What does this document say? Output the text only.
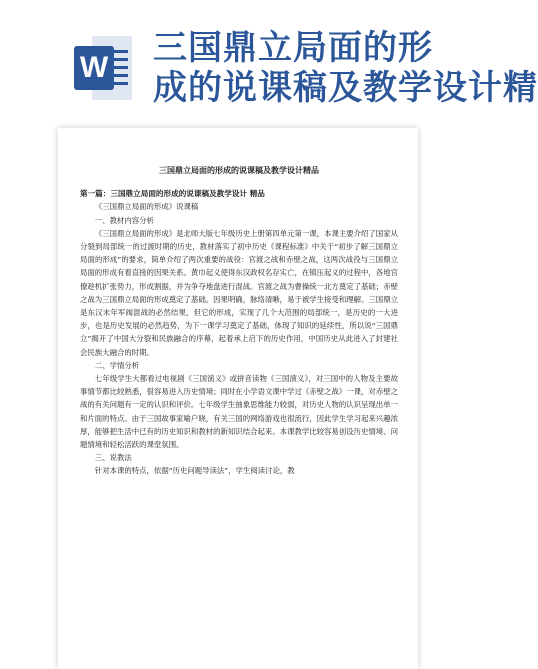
W 三国鼎立局面的形
成的说课稿及教学设计精

三国鼎立局面的形成的说课稿及教学设计精品

第一篇：三国鼎立局面的形成的说课稿及教学设计 精品

《三国鼎立局面的形成》说课稿

一、教材内容分析

《三国鼎立局面的形成》是北师大版七年级历史上册第四单元第一课，本课主要介绍了国家从分裂到局部统一的过渡时期的历史，教材落实了初中历史《课程标准》中关于“初步了解三国鼎立局面的形成”的要求，简单介绍了两次重要的战役：官渡之战和赤壁之战，这两次战役与三国鼎立局面的形成有着直接的因果关系。黄巾起义使得东汉政权名存实亡，在镇压起义的过程中，各地官僚趁机扩张势力，形成割据，并为争夺地盘进行混战。官渡之战为曹操统一北方奠定了基础；赤壁之战为三国鼎立局面的形成奠定了基础。因果明确，脉络清晰，易于被学生接受和理解。三国鼎立是东汉末年军阀混战的必然结果，但它的形成，实现了几个大范围的局部统一，是历史的一大进步，也是历史发展的必然趋势，为下一课学习奠定了基础，体现了知识的延续性，所以说“三国鼎立”揭开了中国大分裂和民族融合的序幕，起着承上启下的历史作用，中国历史从此进入了封建社会民族大融合的时期。

二、学情分析

七年级学生大都看过电视剧《三国演义》或拼音读物《三国演义》，对三国中的人物及主要故事情节都比较熟悉，很容易进入历史情境；同时在小学语文课中学过《赤壁之战》一课，对赤壁之战的有关问题有一定的认识和评价。七年级学生抽象思维能力较弱，对历史人物的认识呈现出单一和片面的特点。由于三国故事家喻户晓，有关三国的网络游戏也很流行，因此学生学习起来兴趣浓厚，能够把生活中已有的历史知识和教材的新知识结合起来。本课教学比较容易创设历史情境、问题情境和轻松活跃的课堂氛围。

三、说教法

针对本课的特点，依据“历史问题导读法”，学生阅读讨论，教
